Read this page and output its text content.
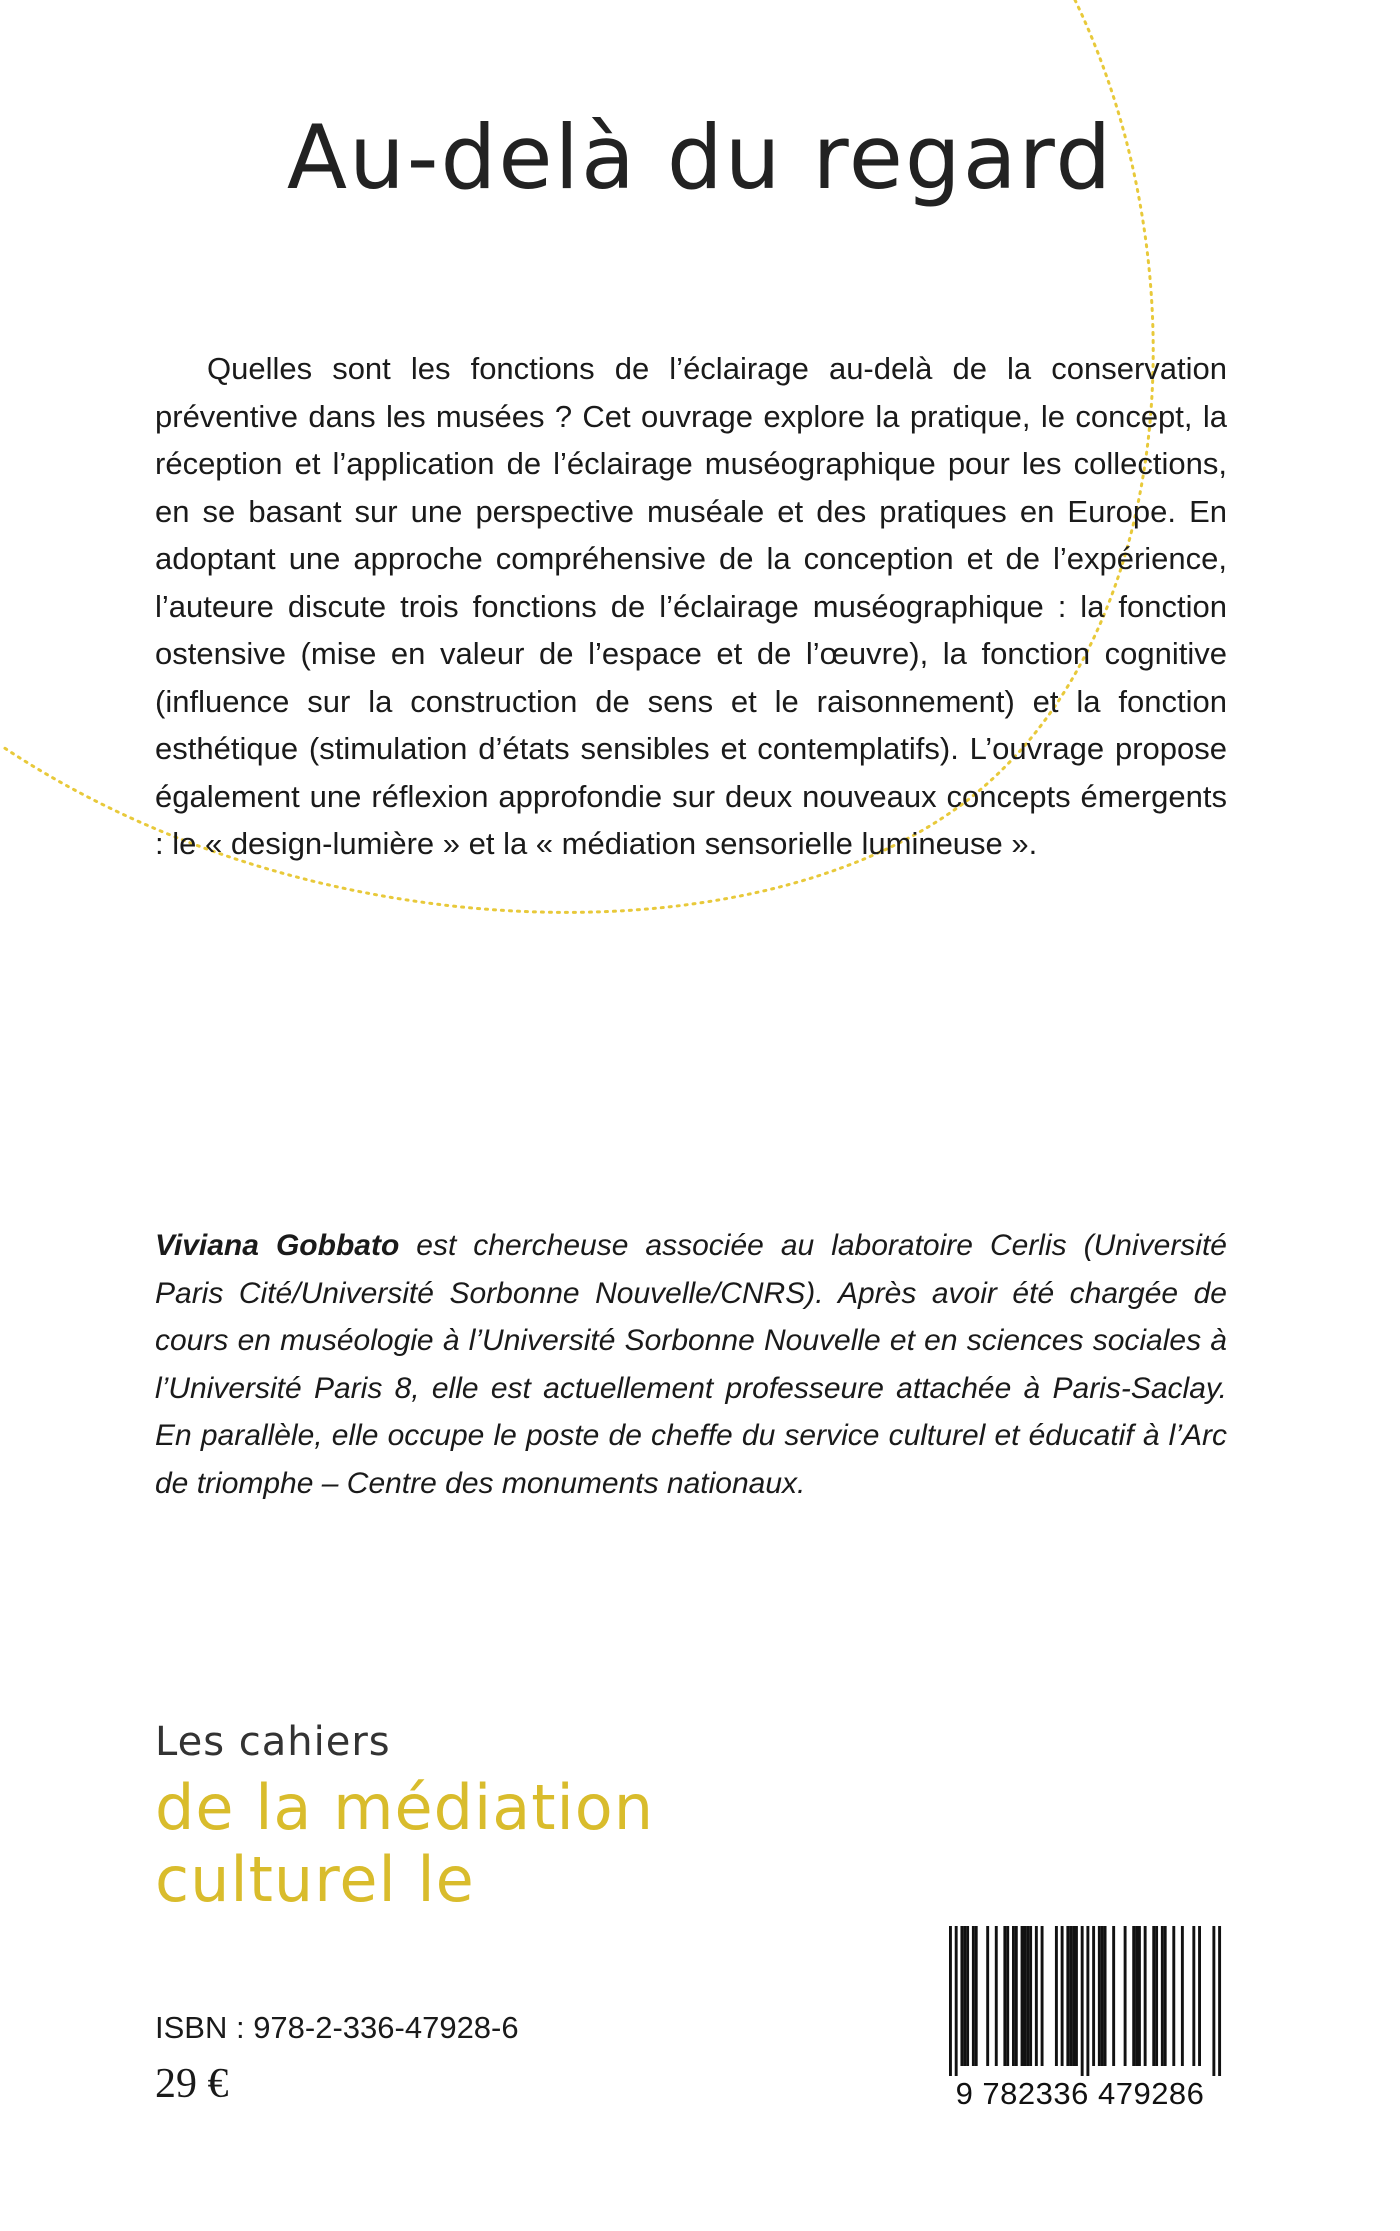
Au-delà du regard

Quelles sont les fonctions de l’éclairage au-delà de la conservation préventive dans les musées ? Cet ouvrage explore la pratique, le concept, la réception et l’application de l’éclairage muséographique pour les collections, en se basant sur une perspective muséale et des pratiques en Europe. En adoptant une approche compréhensive de la conception et de l’expérience, l’auteure discute trois fonctions de l’éclairage muséographique : la fonction ostensive (mise en valeur de l’espace et de l’œuvre), la fonction cognitive (influence sur la construction de sens et le raisonnement) et la fonction esthétique (stimulation d’états sensibles et contemplatifs). L’ouvrage propose également une réflexion approfondie sur deux nouveaux concepts émergents : le « design-lumière » et la « médiation sensorielle lumineuse ».

Viviana Gobbato est chercheuse associée au laboratoire Cerlis (Université Paris Cité/Université Sorbonne Nouvelle/CNRS). Après avoir été chargée de cours en muséologie à l’Université Sorbonne Nouvelle et en sciences sociales à l’Université Paris 8, elle est actuellement professeure attachée à Paris-Saclay. En parallèle, elle occupe le poste de cheffe du service culturel et éducatif à l’Arc de triomphe – Centre des monuments nationaux.

Les cahiers
de la médiation
culturel le
ISBN : 978-2-336-47928-6
29 €	9 782336 479286
